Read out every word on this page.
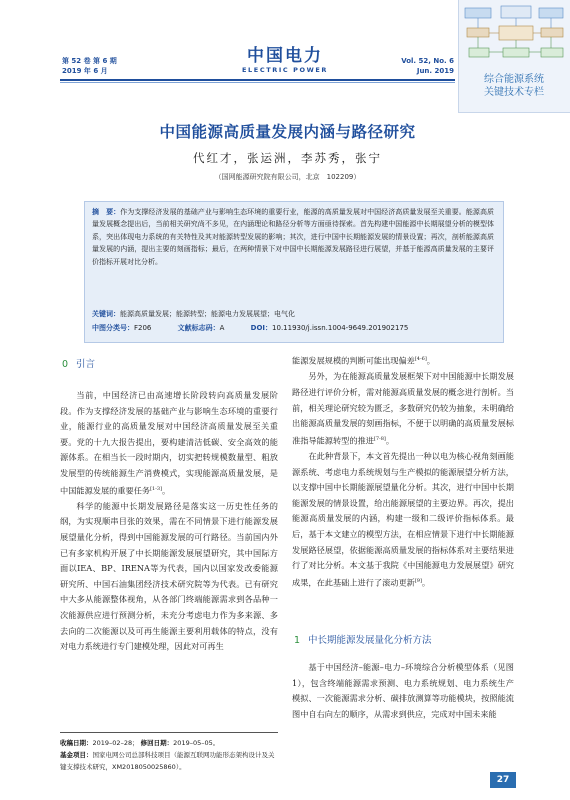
第 52 卷 第 6 期
2019 年 6 月
中国电力
ELECTRIC POWER
Vol. 52, No. 6
Jun. 2019
综合能源系统
关键技术专栏
中国能源高质量发展内涵与路径研究
代红才，张运洲，李苏秀，张宁
（国网能源研究院有限公司，北京　102209）
摘　要：作为支撑经济发展的基础产业与影响生态环境的重要行业，能源的高质量发展对中国经济高质量发展至关重要。能源高质量发展概念提出后，当前相关研究尚不多见，在内涵理论和路径分析等方面亟待探索。首先构建中国能源中长期展望分析的模型体系，突出体现电力系统的有关特性及其对能源转型发展的影响；其次，进行中国中长期能源发展的情景设置；再次，剖析能源高质量发展的内涵，提出主要的刻画指标；最后，在两种情景下对中国中长期能源发展路径进行展望，并基于能源高质量发展的主要评价指标开展对比分析。
关键词：能源高质量发展；能源转型；能源电力发展展望；电气化
中图分类号：F206	文献标志码：A	DOI：10.11930/j.issn.1004-9649.201902175
0 引言

当前，中国经济已由高速增长阶段转向高质量发展阶段。作为支撑经济发展的基础产业与影响生态环境的重要行业，能源行业的高质量发展对中国经济高质量发展至关重要。党的十九大报告提出，要构建清洁低碳、安全高效的能源体系。在相当长一段时期内，切实把转规模数量型、粗放发展型的传统能源生产消费模式，实现能源高质量发展，是中国能源发展的重要任务[1-3]。

科学的能源中长期发展路径是落实这一历史性任务的纲，为实现顺串目张的效果，需在不同情景下进行能源发展展望量化分析，得到中国能源发展的可行路径。当前国内外已有多家机构开展了中长期能源发展展望研究，其中国际方面以IEA、BP、IRENA等为代表，国内以国家发改委能源研究所、中国石油集团经济技术研究院等为代表。已有研究中大多从能源整体视角，从各部门终端能源需求到各品种一次能源供应进行预测分析，未充分考虑电力作为多来源、多去向的二次能源以及可再生能源主要利用载体的特点，没有对电力系统进行专门建模处理，因此对可再生

收稿日期：2019–02–28； 修回日期：2019–05–05。
基金项目：国家电网公司总部科技项目（能源互联网功能形态架构设计及关键支撑技术研究，XM2018050025860）。
能源发展规模的判断可能出现偏差[4-6]。

另外，为在能源高质量发展框架下对中国能源中长期发展路径进行评价分析，需对能源高质量发展的概念进行剖析。当前，相关理论研究较为匮乏，多数研究仍较为抽象，未明确给出能源高质量发展的刻画指标，不便于以明确的高质量发展标准指导能源转型的推进[7-8]。

在此种背景下，本文首先提出一种以电为核心视角刻画能源系统、考虑电力系统规划与生产模拟的能源展望分析方法，以支撑中国中长期能源展望量化分析。其次，进行中国中长期能源发展的情景设置，给出能源展望的主要边界。再次，提出能源高质量发展的内涵，构建一级和二级评价指标体系。最后，基于本文建立的模型方法，在相应情景下进行中长期能源发展路径展望，依据能源高质量发展的指标体系对主要结果进行了对比分析。本文基于我院《中国能源电力发展展望》研究成果，在此基础上进行了滚动更新[9]。

1 中长期能源发展量化分析方法

基于中国经济–能源–电力–环境综合分析模型体系（见图 1），包含终端能源需求预测、电力系统规划、电力系统生产模拟、一次能源需求分析、碳排放测算等功能模块，按照能流图中自右向左的顺序，从需求到供应，完成对中国未来能

27
